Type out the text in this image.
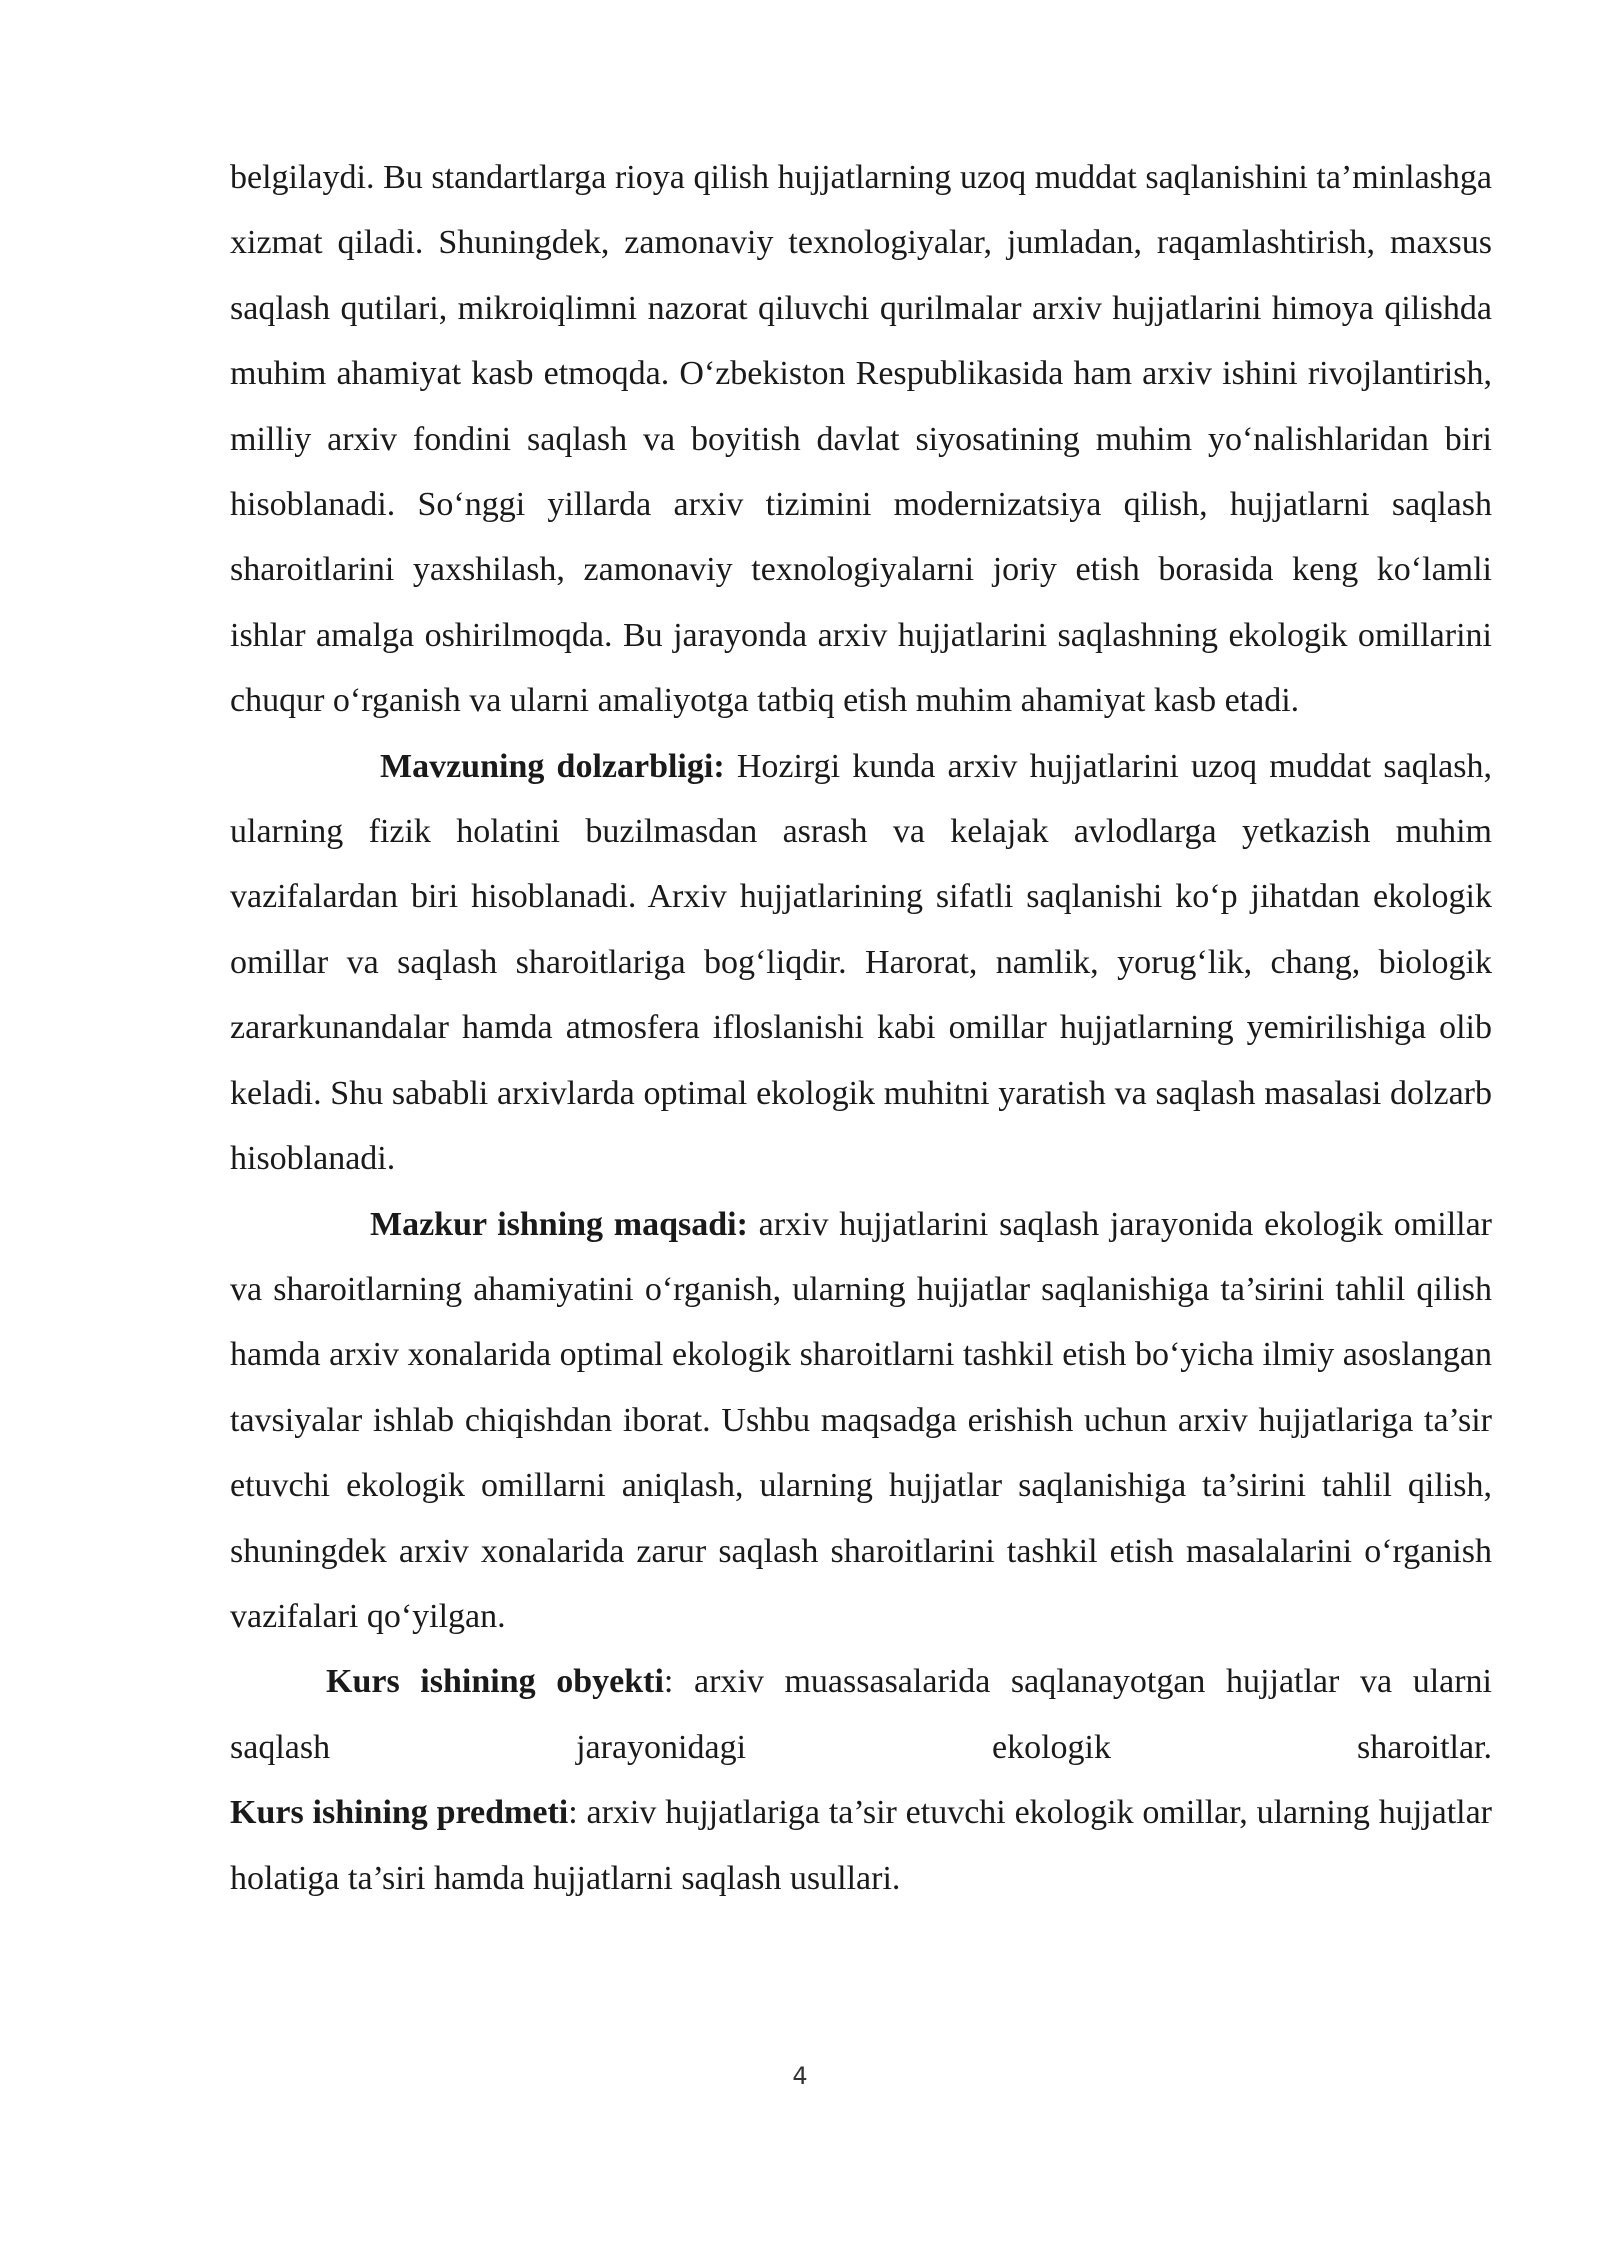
belgilaydi. Bu standartlarga rioya qilish hujjatlarning uzoq muddat saqlanishini ta’minlashga xizmat qiladi. Shuningdek, zamonaviy texnologiyalar, jumladan, raqamlashtirish, maxsus saqlash qutilari, mikroiqlimni nazorat qiluvchi qurilmalar arxiv hujjatlarini himoya qilishda muhim ahamiyat kasb etmoqda. O‘zbekiston Respublikasida ham arxiv ishini rivojlantirish, milliy arxiv fondini saqlash va boyitish davlat siyosatining muhim yo‘nalishlaridan biri hisoblanadi. So‘nggi yillarda arxiv tizimini modernizatsiya qilish, hujjatlarni saqlash sharoitlarini yaxshilash, zamonaviy texnologiyalarni joriy etish borasida keng ko‘lamli ishlar amalga oshirilmoqda. Bu jarayonda arxiv hujjatlarini saqlashning ekologik omillarini chuqur o‘rganish va ularni amaliyotga tatbiq etish muhim ahamiyat kasb etadi.

Mavzuning dolzarbligi: Hozirgi kunda arxiv hujjatlarini uzoq muddat saqlash, ularning fizik holatini buzilmasdan asrash va kelajak avlodlarga yetkazish muhim vazifalardan biri hisoblanadi. Arxiv hujjatlarining sifatli saqlanishi ko‘p jihatdan ekologik omillar va saqlash sharoitlariga bog‘liqdir. Harorat, namlik, yorug‘lik, chang, biologik zararkunandalar hamda atmosfera ifloslanishi kabi omillar hujjatlarning yemirilishiga olib keladi. Shu sababli arxivlarda optimal ekologik muhitni yaratish va saqlash masalasi dolzarb hisoblanadi.

Mazkur ishning maqsadi: arxiv hujjatlarini saqlash jarayonida ekologik omillar va sharoitlarning ahamiyatini o‘rganish, ularning hujjatlar saqlanishiga ta’sirini tahlil qilish hamda arxiv xonalarida optimal ekologik sharoitlarni tashkil etish bo‘yicha ilmiy asoslangan tavsiyalar ishlab chiqishdan iborat. Ushbu maqsadga erishish uchun arxiv hujjatlariga ta’sir etuvchi ekologik omillarni aniqlash, ularning hujjatlar saqlanishiga ta’sirini tahlil qilish, shuningdek arxiv xonalarida zarur saqlash sharoitlarini tashkil etish masalalarini o‘rganish vazifalari qo‘yilgan.

Kurs ishining obyekti: arxiv muassasalarida saqlanayotgan hujjatlar va ularni saqlash jarayonidagi ekologik sharoitlar.

Kurs ishining predmeti: arxiv hujjatlariga ta’sir etuvchi ekologik omillar, ularning hujjatlar holatiga ta’siri hamda hujjatlarni saqlash usullari.

4
